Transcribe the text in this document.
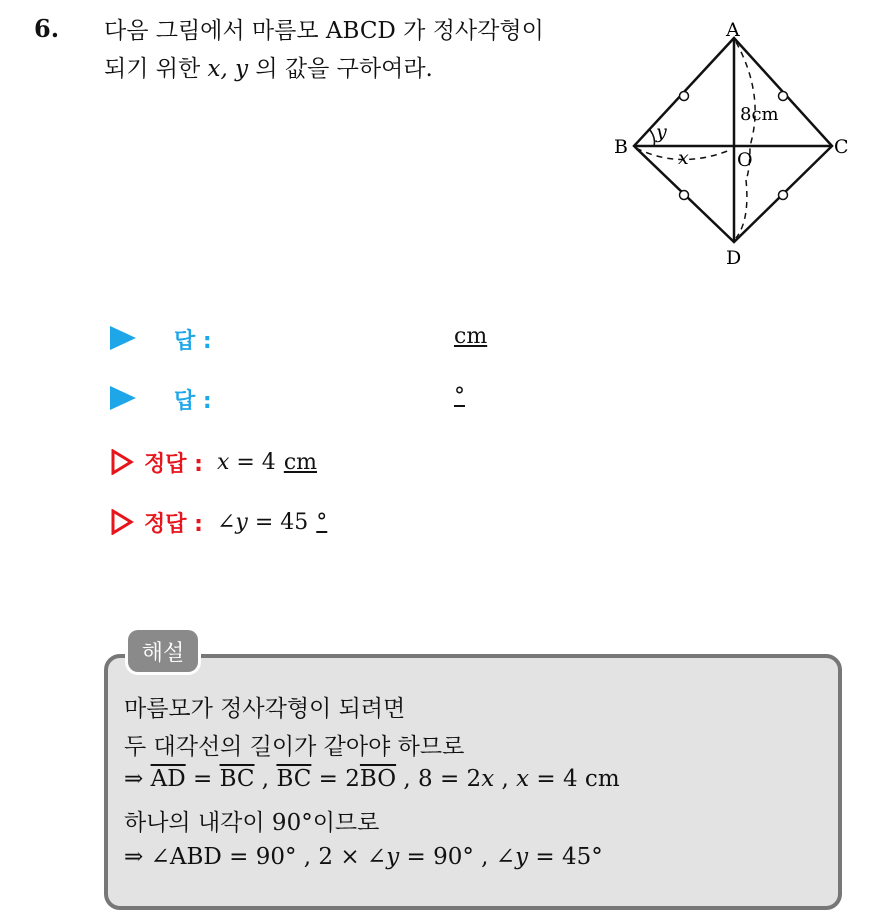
6. 다음 그림에서 마름모 ABCD 가 정사각형이
되기 위한 x, y 의 값을 구하여라.
A
B	C
D
O
x
y
8cm
답 :	cm
답 :	°
정답 : x = 4 cm
정답 : ∠y = 45 °
해설
마름모가 정사각형이 되려면
두 대각선의 길이가 같아야 하므로
⇒ $\overline{AD} = \overline{BC}$ , $\overline{BC} = 2\overline{BO}$ , 8 = 2x , x = 4 cm
하나의 내각이 90°이므로
⇒ ∠ABD = 90° , 2 × ∠y = 90° , ∠y = 45°
